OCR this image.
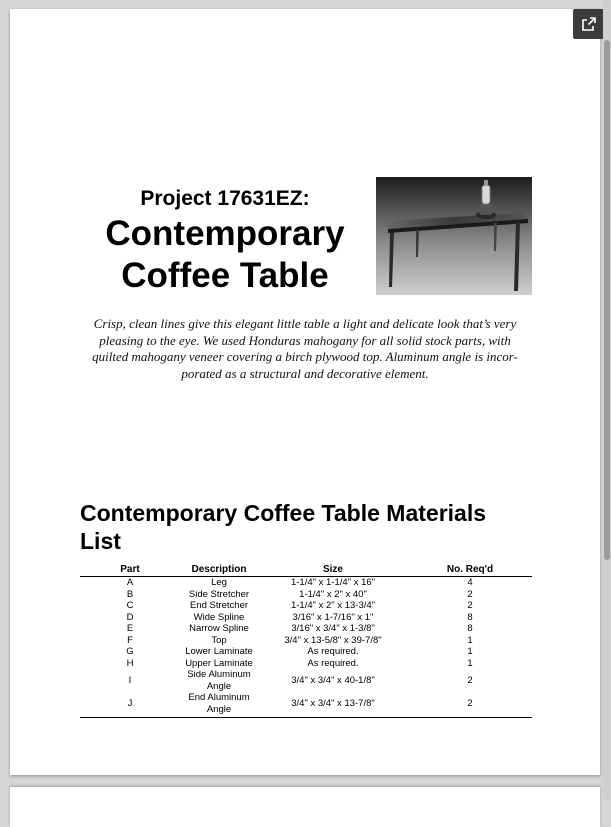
Project 17631EZ:
Contemporary
Coffee Table
Crisp, clean lines give this elegant little table a light and delicate look that’s very
pleasing to the eye. We used Honduras mahogany for all solid stock parts, with
quilted mahogany veneer covering a birch plywood top. Aluminum angle is incor-
porated as a structural and decorative element.
Contemporary Coffee Table Materials List
Part	Description	Size	No. Req'd
A	Leg	1-1/4" x 1-1/4" x 16"	4
B	Side Stretcher	1-1/4" x 2" x 40"	2
C	End Stretcher	1-1/4" x 2" x 13-3/4"	2
D	Wide Spline	3/16" x 1-7/16" x 1"	8
E	Narrow Spline	3/16" x 3/4" x 1-3/8"	8
F	Top	3/4" x 13-5/8" x 39-7/8"	1
G	Lower Laminate	As required.	1
H	Upper Laminate	As required.	1
I	Side Aluminum Angle	3/4" x 3/4" x 40-1/8"	2
J	End Aluminum Angle	3/4" x 3/4" x 13-7/8"	2
